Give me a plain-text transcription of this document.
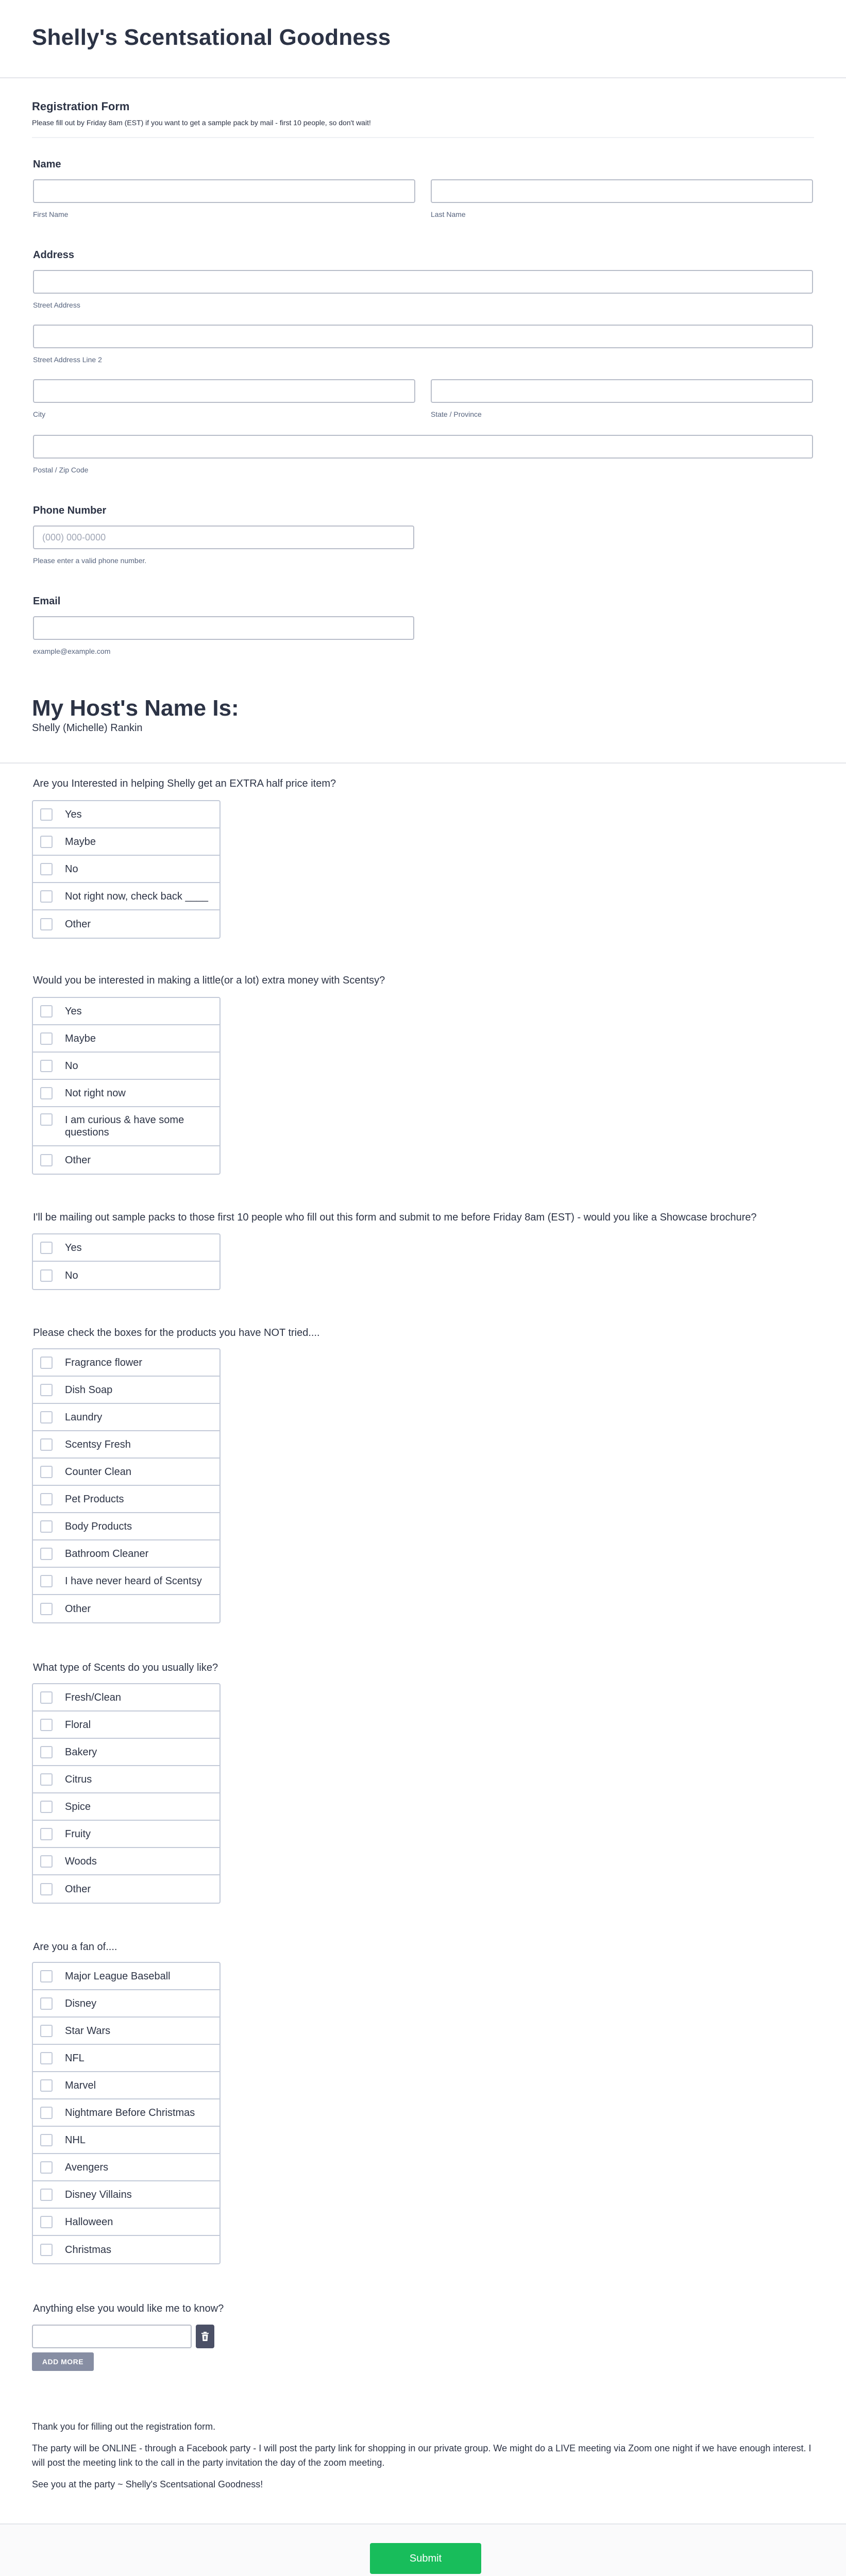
Shelly's Scentsational Goodness
Registration Form

Please fill out by Friday 8am (EST) if you want to get a sample pack by mail - first 10 people, so don't wait!

Name
First Name	Last Name
Address
Street Address
Street Address Line 2
City	State / Province
Postal / Zip Code
Phone Number
(000) 000-0000
Please enter a valid phone number.
Email
example@example.com
My Host's Name Is:
Shelly (Michelle) Rankin
Are you Interested in helping Shelly get an EXTRA half price item?
Yes
Maybe
No
Not right now, check back ____
Other
Would you be interested in making a little(or a lot) extra money with Scentsy?
Yes
Maybe
No
Not right now
I am curious & have some questions
Other
I'll be mailing out sample packs to those first 10 people who fill out this form and submit to me before Friday 8am (EST) - would you like a Showcase brochure?
Yes
No
Please check the boxes for the products you have NOT tried....
Fragrance flower
Dish Soap
Laundry
Scentsy Fresh
Counter Clean
Pet Products
Body Products
Bathroom Cleaner
I have never heard of Scentsy
Other
What type of Scents do you usually like?
Fresh/Clean
Floral
Bakery
Citrus
Spice
Fruity
Woods
Other
Are you a fan of....
Major League Baseball
Disney
Star Wars
NFL
Marvel
Nightmare Before Christmas
NHL
Avengers
Disney Villains
Halloween
Christmas
Anything else you would like me to know?
ADD MORE

Thank you for filling out the registration form.

The party will be ONLINE - through a Facebook party - I will post the party link for shopping in our private group. We might do a LIVE meeting via Zoom one night if we have enough interest. I will post the meeting link to the call in the party invitation the day of the zoom meeting.

See you at the party ~ Shelly's Scentsational Goodness!

Submit
